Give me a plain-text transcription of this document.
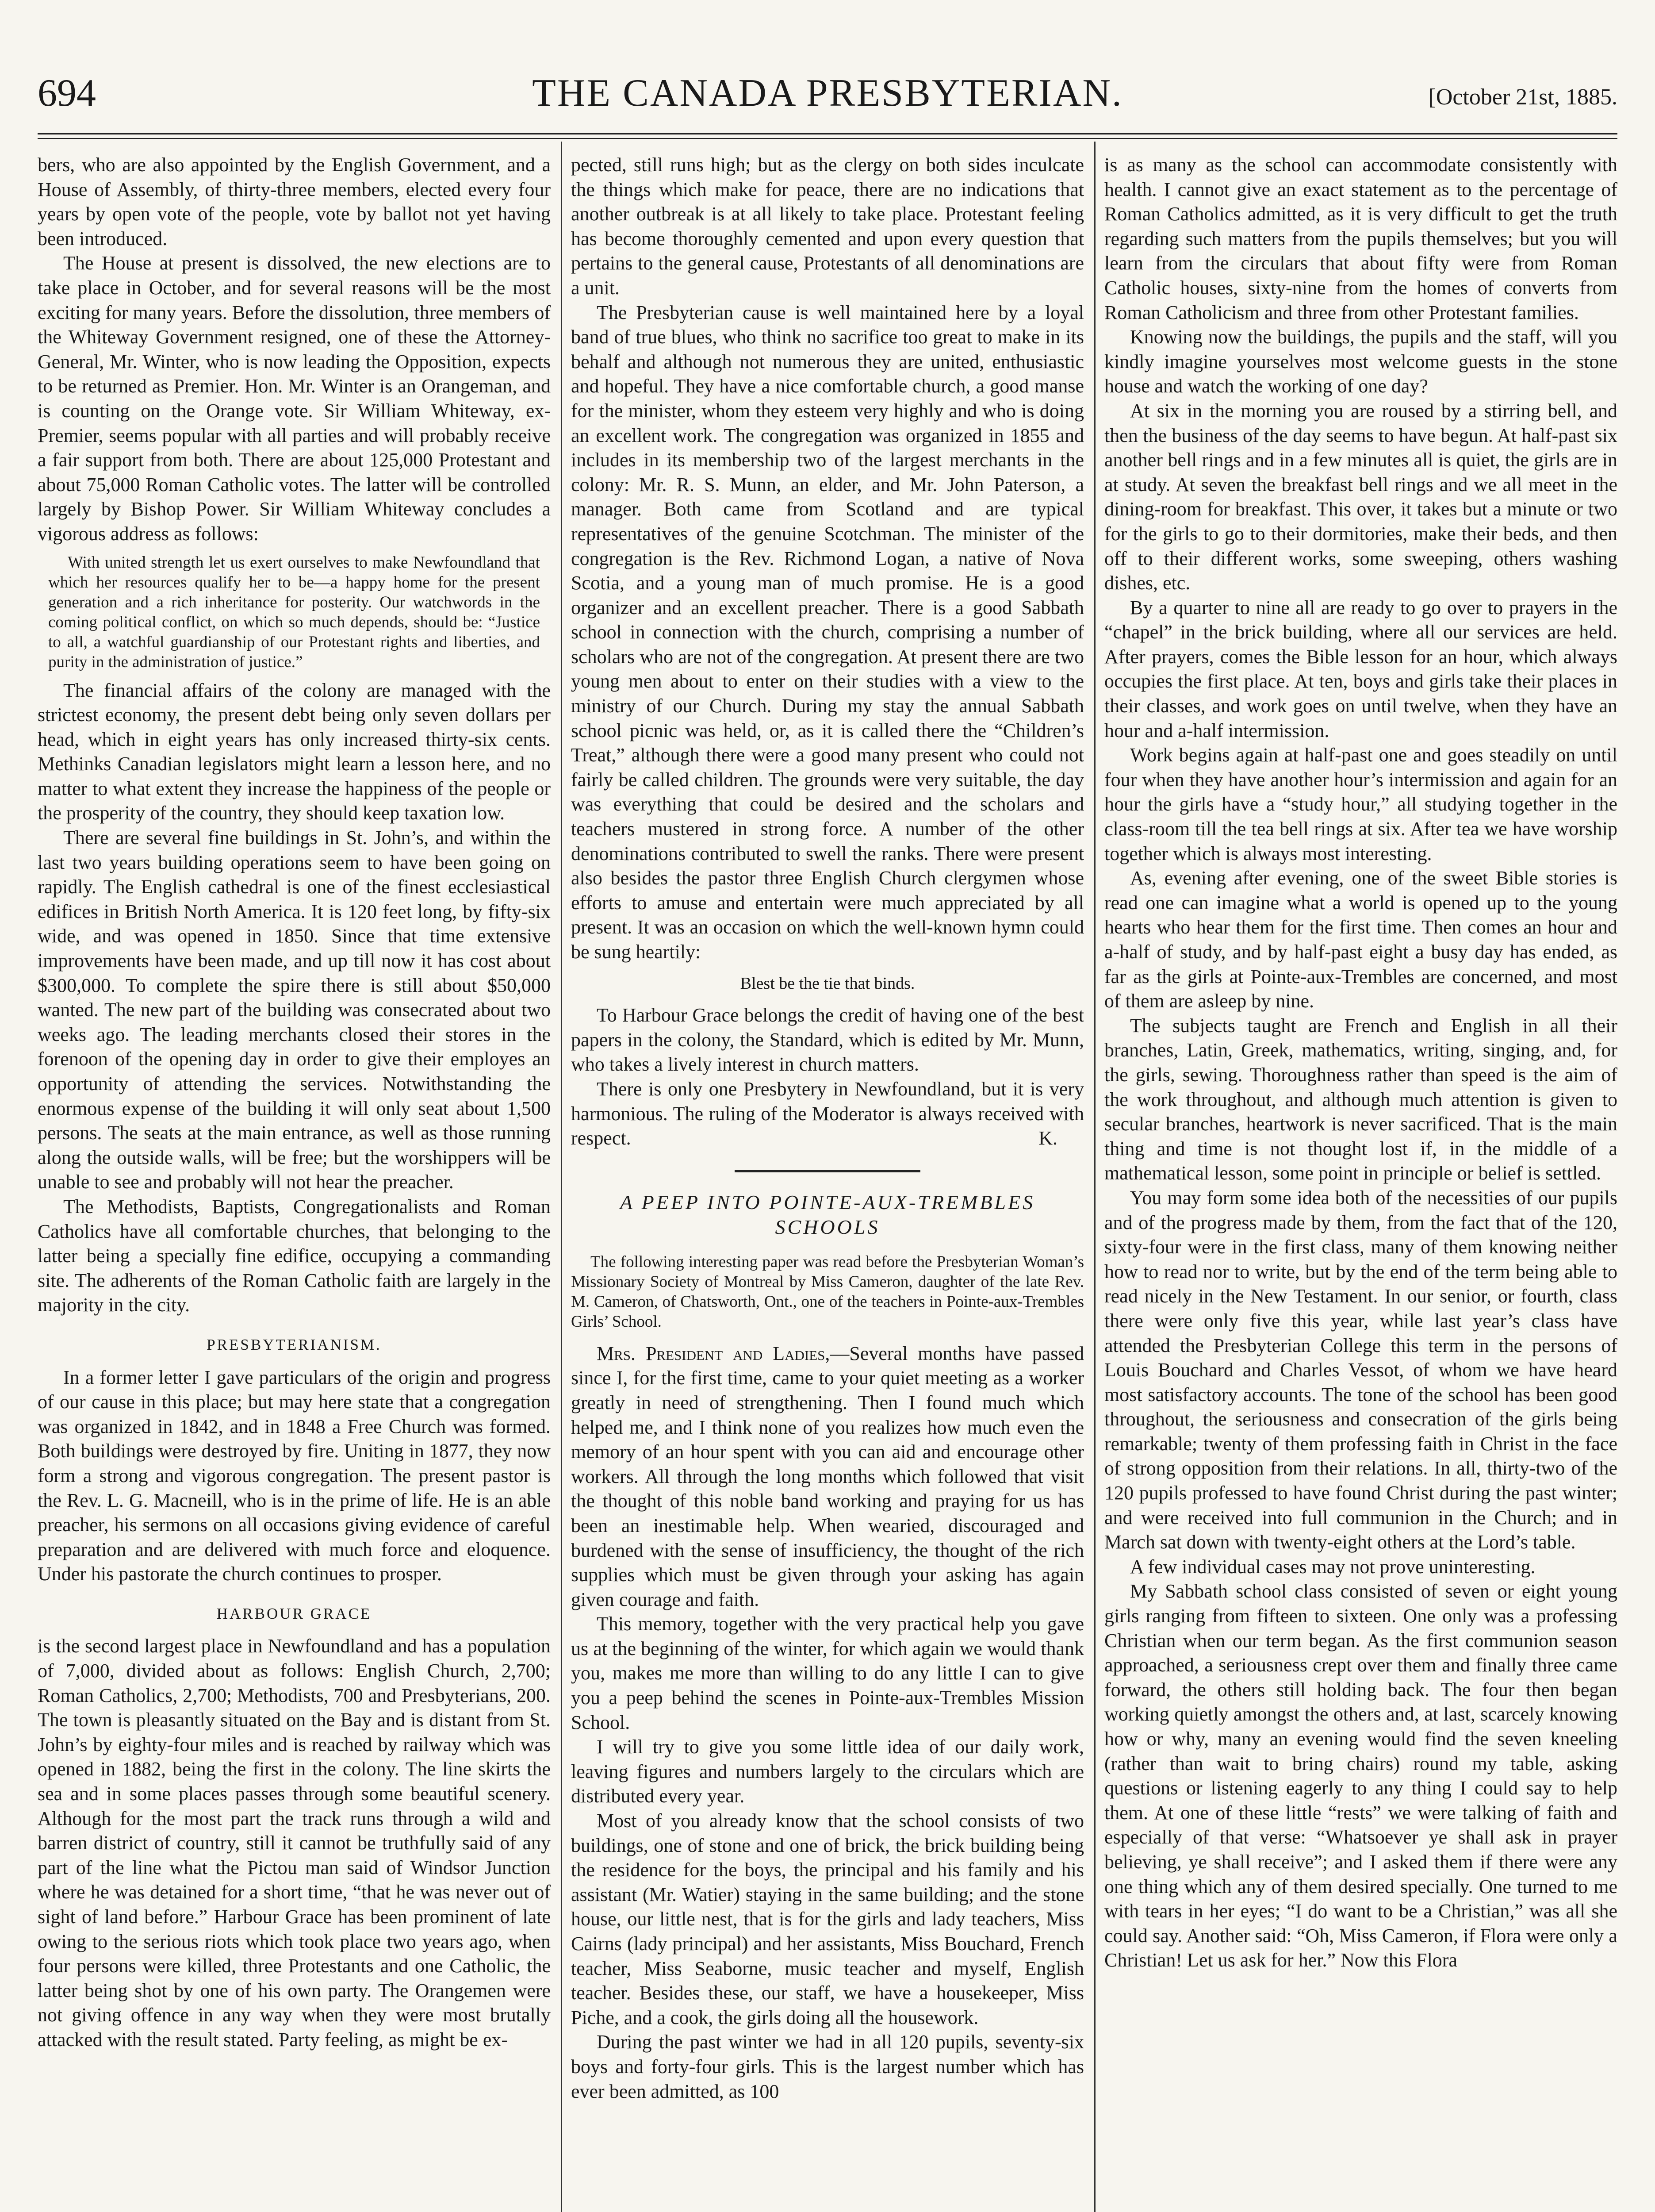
694	THE CANADA PRESBYTERIAN.	[October 21st, 1885.

bers, who are also appointed by the English Government, and a House of Assembly, of thirty-three members, elected every four years by open vote of the people, vote by ballot not yet having been introduced.

The House at present is dissolved, the new elections are to take place in October, and for several reasons will be the most exciting for many years. Before the dissolution, three members of the Whiteway Government resigned, one of these the Attorney-General, Mr. Winter, who is now leading the Opposition, expects to be returned as Premier. Hon. Mr. Winter is an Orangeman, and is counting on the Orange vote. Sir William Whiteway, ex-Premier, seems popular with all parties and will probably receive a fair support from both. There are about 125,000 Protestant and about 75,000 Roman Catholic votes. The latter will be controlled largely by Bishop Power. Sir William Whiteway concludes a vigorous address as follows:

With united strength let us exert ourselves to make Newfoundland that which her resources qualify her to be—a happy home for the present generation and a rich inheritance for posterity. Our watchwords in the coming political conflict, on which so much depends, should be: “Justice to all, a watchful guardianship of our Protestant rights and liberties, and purity in the administration of justice.”

The financial affairs of the colony are managed with the strictest economy, the present debt being only seven dollars per head, which in eight years has only increased thirty-six cents. Methinks Canadian legislators might learn a lesson here, and no matter to what extent they increase the happiness of the people or the prosperity of the country, they should keep taxation low.

There are several fine buildings in St. John’s, and within the last two years building operations seem to have been going on rapidly. The English cathedral is one of the finest ecclesiastical edifices in British North America. It is 120 feet long, by fifty-six wide, and was opened in 1850. Since that time extensive improvements have been made, and up till now it has cost about $300,000. To complete the spire there is still about $50,000 wanted. The new part of the building was consecrated about two weeks ago. The leading merchants closed their stores in the forenoon of the opening day in order to give their employes an opportunity of attending the services. Notwithstanding the enormous expense of the building it will only seat about 1,500 persons. The seats at the main entrance, as well as those running along the outside walls, will be free; but the worshippers will be unable to see and probably will not hear the preacher.

The Methodists, Baptists, Congregationalists and Roman Catholics have all comfortable churches, that belonging to the latter being a specially fine edifice, occupying a commanding site. The adherents of the Roman Catholic faith are largely in the majority in the city.

PRESBYTERIANISM.

In a former letter I gave particulars of the origin and progress of our cause in this place; but may here state that a congregation was organized in 1842, and in 1848 a Free Church was formed. Both buildings were destroyed by fire. Uniting in 1877, they now form a strong and vigorous congregation. The present pastor is the Rev. L. G. Macneill, who is in the prime of life. He is an able preacher, his sermons on all occasions giving evidence of careful preparation and are delivered with much force and eloquence. Under his pastorate the church continues to prosper.

HARBOUR GRACE

is the second largest place in Newfoundland and has a population of 7,000, divided about as follows: English Church, 2,700; Roman Catholics, 2,700; Methodists, 700 and Presbyterians, 200. The town is pleasantly situated on the Bay and is distant from St. John’s by eighty-four miles and is reached by railway which was opened in 1882, being the first in the colony. The line skirts the sea and in some places passes through some beautiful scenery. Although for the most part the track runs through a wild and barren district of country, still it cannot be truthfully said of any part of the line what the Pictou man said of Windsor Junction where he was detained for a short time, “that he was never out of sight of land before.” Harbour Grace has been prominent of late owing to the serious riots which took place two years ago, when four persons were killed, three Protestants and one Catholic, the latter being shot by one of his own party. The Orangemen were not giving offence in any way when they were most brutally attacked with the result stated. Party feeling, as might be ex-

pected, still runs high; but as the clergy on both sides inculcate the things which make for peace, there are no indications that another outbreak is at all likely to take place. Protestant feeling has become thoroughly cemented and upon every question that pertains to the general cause, Protestants of all denominations are a unit.

The Presbyterian cause is well maintained here by a loyal band of true blues, who think no sacrifice too great to make in its behalf and although not numerous they are united, enthusiastic and hopeful. They have a nice comfortable church, a good manse for the minister, whom they esteem very highly and who is doing an excellent work. The congregation was organized in 1855 and includes in its membership two of the largest merchants in the colony: Mr. R. S. Munn, an elder, and Mr. John Paterson, a manager. Both came from Scotland and are typical representatives of the genuine Scotchman. The minister of the congregation is the Rev. Richmond Logan, a native of Nova Scotia, and a young man of much promise. He is a good organizer and an excellent preacher. There is a good Sabbath school in connection with the church, comprising a number of scholars who are not of the congregation. At present there are two young men about to enter on their studies with a view to the ministry of our Church. During my stay the annual Sabbath school picnic was held, or, as it is called there the “Children’s Treat,” although there were a good many present who could not fairly be called children. The grounds were very suitable, the day was everything that could be desired and the scholars and teachers mustered in strong force. A number of the other denominations contributed to swell the ranks. There were present also besides the pastor three English Church clergymen whose efforts to amuse and entertain were much appreciated by all present. It was an occasion on which the well-known hymn could be sung heartily:

Blest be the tie that binds.

To Harbour Grace belongs the credit of having one of the best papers in the colony, the Standard, which is edited by Mr. Munn, who takes a lively interest in church matters.

There is only one Presbytery in Newfoundland, but it is very harmonious. The ruling of the Moderator is always received with respect.	K.

A PEEP INTO POINTE-AUX-TREMBLES SCHOOLS

The following interesting paper was read before the Presbyterian Woman’s Missionary Society of Montreal by Miss Cameron, daughter of the late Rev. M. Cameron, of Chatsworth, Ont., one of the teachers in Pointe-aux-Trembles Girls’ School.

Mrs. President and Ladies,—Several months have passed since I, for the first time, came to your quiet meeting as a worker greatly in need of strengthening. Then I found much which helped me, and I think none of you realizes how much even the memory of an hour spent with you can aid and encourage other workers. All through the long months which followed that visit the thought of this noble band working and praying for us has been an inestimable help. When wearied, discouraged and burdened with the sense of insufficiency, the thought of the rich supplies which must be given through your asking has again given courage and faith.

This memory, together with the very practical help you gave us at the beginning of the winter, for which again we would thank you, makes me more than willing to do any little I can to give you a peep behind the scenes in Pointe-aux-Trembles Mission School.

I will try to give you some little idea of our daily work, leaving figures and numbers largely to the circulars which are distributed every year.

Most of you already know that the school consists of two buildings, one of stone and one of brick, the brick building being the residence for the boys, the principal and his family and his assistant (Mr. Watier) staying in the same building; and the stone house, our little nest, that is for the girls and lady teachers, Miss Cairns (lady principal) and her assistants, Miss Bouchard, French teacher, Miss Seaborne, music teacher and myself, English teacher. Besides these, our staff, we have a housekeeper, Miss Piche, and a cook, the girls doing all the housework.

During the past winter we had in all 120 pupils, seventy-six boys and forty-four girls. This is the largest number which has ever been admitted, as 100

is as many as the school can accommodate consistently with health. I cannot give an exact statement as to the percentage of Roman Catholics admitted, as it is very difficult to get the truth regarding such matters from the pupils themselves; but you will learn from the circulars that about fifty were from Roman Catholic houses, sixty-nine from the homes of converts from Roman Catholicism and three from other Protestant families.

Knowing now the buildings, the pupils and the staff, will you kindly imagine yourselves most welcome guests in the stone house and watch the working of one day?

At six in the morning you are roused by a stirring bell, and then the business of the day seems to have begun. At half-past six another bell rings and in a few minutes all is quiet, the girls are in at study. At seven the breakfast bell rings and we all meet in the dining-room for breakfast. This over, it takes but a minute or two for the girls to go to their dormitories, make their beds, and then off to their different works, some sweeping, others washing dishes, etc.

By a quarter to nine all are ready to go over to prayers in the “chapel” in the brick building, where all our services are held. After prayers, comes the Bible lesson for an hour, which always occupies the first place. At ten, boys and girls take their places in their classes, and work goes on until twelve, when they have an hour and a-half intermission.

Work begins again at half-past one and goes steadily on until four when they have another hour’s intermission and again for an hour the girls have a “study hour,” all studying together in the class-room till the tea bell rings at six. After tea we have worship together which is always most interesting.

As, evening after evening, one of the sweet Bible stories is read one can imagine what a world is opened up to the young hearts who hear them for the first time. Then comes an hour and a-half of study, and by half-past eight a busy day has ended, as far as the girls at Pointe-aux-Trembles are concerned, and most of them are asleep by nine.

The subjects taught are French and English in all their branches, Latin, Greek, mathematics, writing, singing, and, for the girls, sewing. Thoroughness rather than speed is the aim of the work throughout, and although much attention is given to secular branches, heartwork is never sacrificed. That is the main thing and time is not thought lost if, in the middle of a mathematical lesson, some point in principle or belief is settled.

You may form some idea both of the necessities of our pupils and of the progress made by them, from the fact that of the 120, sixty-four were in the first class, many of them knowing neither how to read nor to write, but by the end of the term being able to read nicely in the New Testament. In our senior, or fourth, class there were only five this year, while last year’s class have attended the Presbyterian College this term in the persons of Louis Bouchard and Charles Vessot, of whom we have heard most satisfactory accounts. The tone of the school has been good throughout, the seriousness and consecration of the girls being remarkable; twenty of them professing faith in Christ in the face of strong opposition from their relations. In all, thirty-two of the 120 pupils professed to have found Christ during the past winter; and were received into full communion in the Church; and in March sat down with twenty-eight others at the Lord’s table.

A few individual cases may not prove uninteresting.

My Sabbath school class consisted of seven or eight young girls ranging from fifteen to sixteen. One only was a professing Christian when our term began. As the first communion season approached, a seriousness crept over them and finally three came forward, the others still holding back. The four then began working quietly amongst the others and, at last, scarcely knowing how or why, many an evening would find the seven kneeling (rather than wait to bring chairs) round my table, asking questions or listening eagerly to any thing I could say to help them. At one of these little “rests” we were talking of faith and especially of that verse: “Whatsoever ye shall ask in prayer believing, ye shall receive”; and I asked them if there were any one thing which any of them desired specially. One turned to me with tears in her eyes; “I do want to be a Christian,” was all she could say. Another said: “Oh, Miss Cameron, if Flora were only a Christian! Let us ask for her.” Now this Flora
